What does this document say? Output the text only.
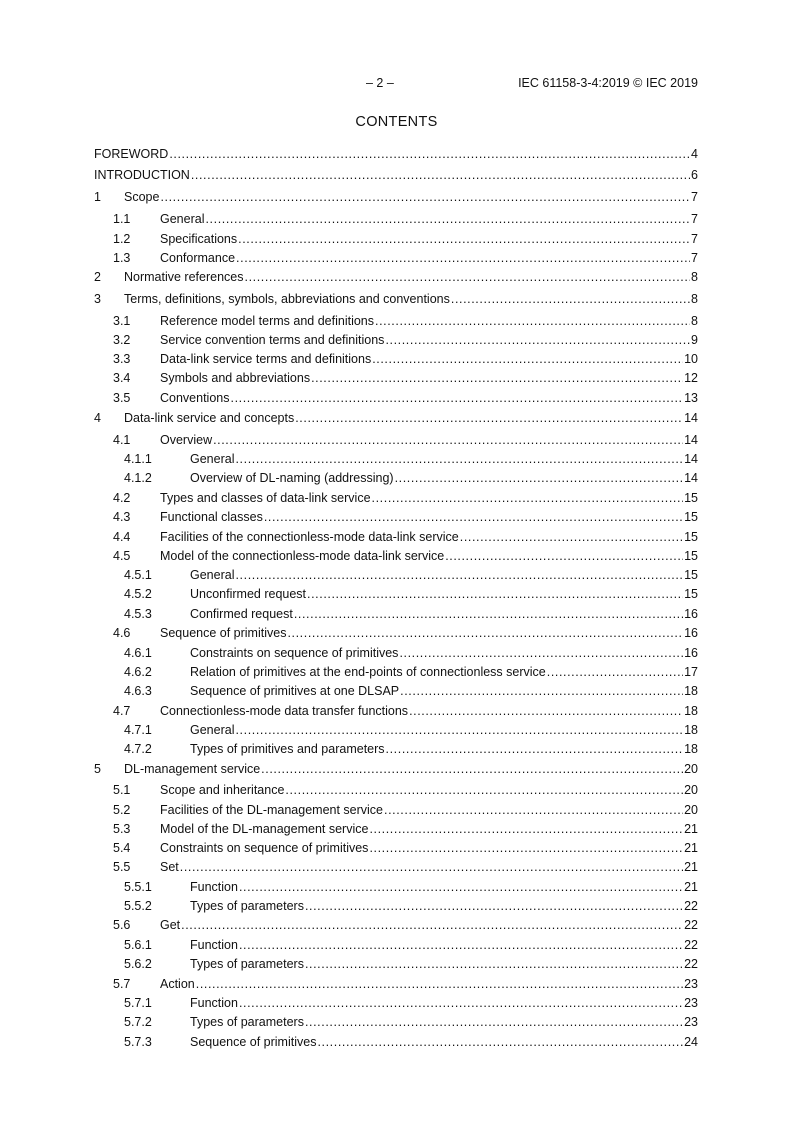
– 2 –	IEC 61158-3-4:2019 © IEC 2019
CONTENTS
FOREWORD .....	4
INTRODUCTION .....	6
1 Scope .....	7
1.1 General .....	7
1.2 Specifications .....	7
1.3 Conformance .....	7
2 Normative references .....	8
3 Terms, definitions, symbols, abbreviations and conventions .....	8
3.1 Reference model terms and definitions .....	8
3.2 Service convention terms and definitions .....	9
3.3 Data-link service terms and definitions .....	10
3.4 Symbols and abbreviations .....	12
3.5 Conventions .....	13
4 Data-link service and concepts .....	14
4.1 Overview .....	14
4.1.1	General .....	14
4.1.2	Overview of DL-naming (addressing) .....	14
4.2 Types and classes of data-link service .....	15
4.3 Functional classes .....	15
4.4 Facilities of the connectionless-mode data-link service .....	15
4.5 Model of the connectionless-mode data-link service .....	15
4.5.1	General .....	15
4.5.2	Unconfirmed request .....	15
4.5.3	Confirmed request .....	16
4.6 Sequence of primitives .....	16
4.6.1	Constraints on sequence of primitives .....	16
4.6.2	Relation of primitives at the end-points of connectionless service .....	17
4.6.3	Sequence of primitives at one DLSAP .....	18
4.7 Connectionless-mode data transfer functions .....	18
4.7.1	General .....	18
4.7.2	Types of primitives and parameters .....	18
5 DL-management service .....	20
5.1 Scope and inheritance .....	20
5.2 Facilities of the DL-management service .....	20
5.3 Model of the DL-management service .....	21
5.4 Constraints on sequence of primitives .....	21
5.5 Set .....	21
5.5.1	Function .....	21
5.5.2	Types of parameters .....	22
5.6 Get .....	22
5.6.1	Function .....	22
5.6.2	Types of parameters .....	22
5.7 Action .....	23
5.7.1	Function .....	23
5.7.2	Types of parameters .....	23
5.7.3	Sequence of primitives .....	24
